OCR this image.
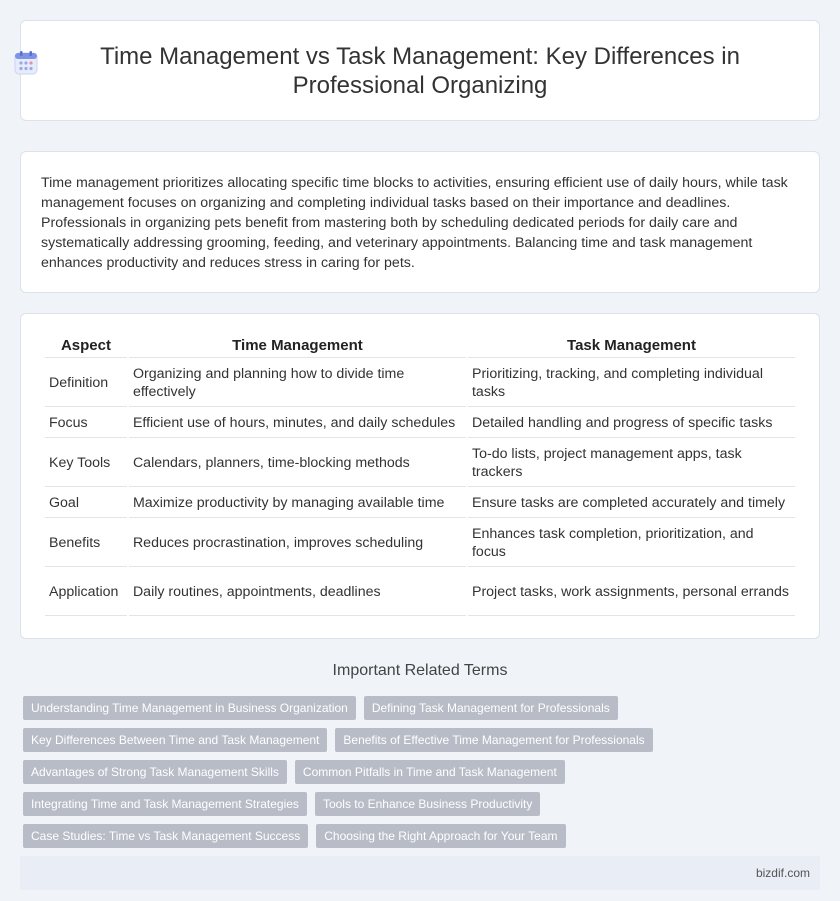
Time Management vs Task Management: Key Differences in Professional Organizing

Time management prioritizes allocating specific time blocks to activities, ensuring efficient use of daily hours, while task management focuses on organizing and completing individual tasks based on their importance and deadlines. Professionals in organizing pets benefit from mastering both by scheduling dedicated periods for daily care and systematically addressing grooming, feeding, and veterinary appointments. Balancing time and task management enhances productivity and reduces stress in caring for pets.

Aspect	Time Management	Task Management
Definition	Organizing and planning how to divide time effectively	Prioritizing, tracking, and completing individual tasks
Focus	Efficient use of hours, minutes, and daily schedules	Detailed handling and progress of specific tasks
Key Tools	Calendars, planners, time-blocking methods	To-do lists, project management apps, task trackers
Goal	Maximize productivity by managing available time	Ensure tasks are completed accurately and timely
Benefits	Reduces procrastination, improves scheduling	Enhances task completion, prioritization, and focus
Application	Daily routines, appointments, deadlines	Project tasks, work assignments, personal errands
Important Related Terms
Understanding Time Management in Business Organization	Defining Task Management for Professionals
Key Differences Between Time and Task Management	Benefits of Effective Time Management for Professionals
Advantages of Strong Task Management Skills	Common Pitfalls in Time and Task Management
Integrating Time and Task Management Strategies	Tools to Enhance Business Productivity
Case Studies: Time vs Task Management Success	Choosing the Right Approach for Your Team
bizdif.com
